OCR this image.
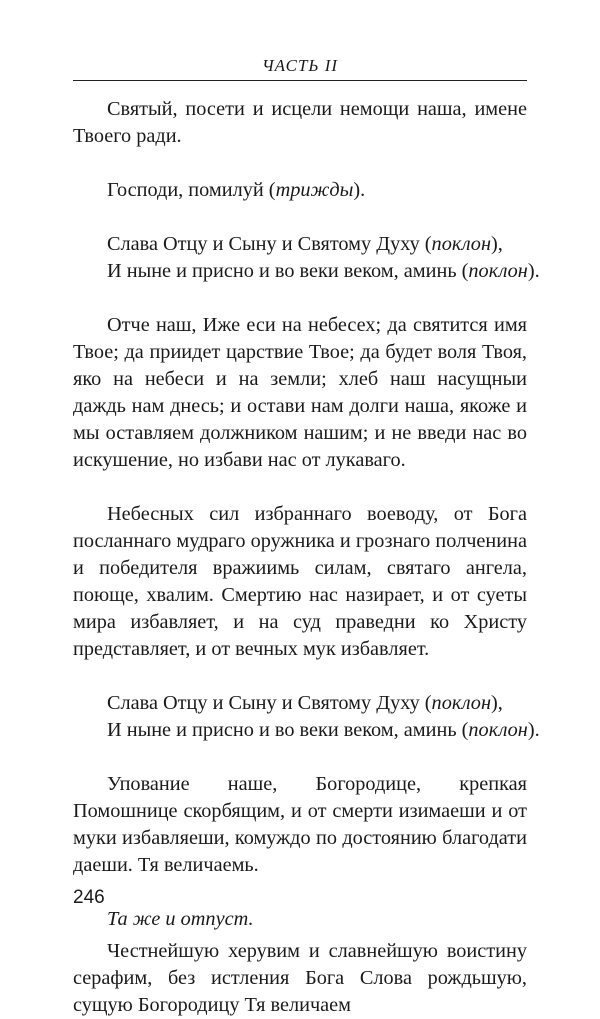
ЧАСТЬ II

Святый, посети и исцели немощи наша, имене Твоего ради.

Господи, помилуй (трижды).

Слава Отцу и Сыну и Святому Духу (поклон),
И ныне и присно и во веки веком, аминь (поклон).

Отче наш, Иже еси на небесех; да святится имя Твое; да приидет царствие Твое; да будет воля Твоя, яко на небеси и на земли; хлеб наш насущныи даждь нам днесь; и остави нам долги наша, якоже и мы оставляем должником нашим; и не введи нас во искушение, но избави нас от лукаваго.

Небесных сил избраннаго воеводу, от Бога посланнаго мудраго оружника и грознаго полченина и победителя вражиимь силам, святаго ангела, поюще, хвалим. Смертию нас назирает, и от суеты мира избавляет, и на суд праведни ко Христу представляет, и от вечных мук избавляет.

Слава Отцу и Сыну и Святому Духу (поклон),
И ныне и присно и во веки веком, аминь (поклон).

Упование наше, Богородице, крепкая Помошнице скорбящим, и от смерти изимаеши и от муки избавляеши, комуждо по достоянию благодати даеши. Тя величаемь.

Та же и отпуст.

Честнейшую херувим и славнейшую воистину серафим, без истления Бога Слова рождьшую, сущую Богородицу Тя величаем

246
